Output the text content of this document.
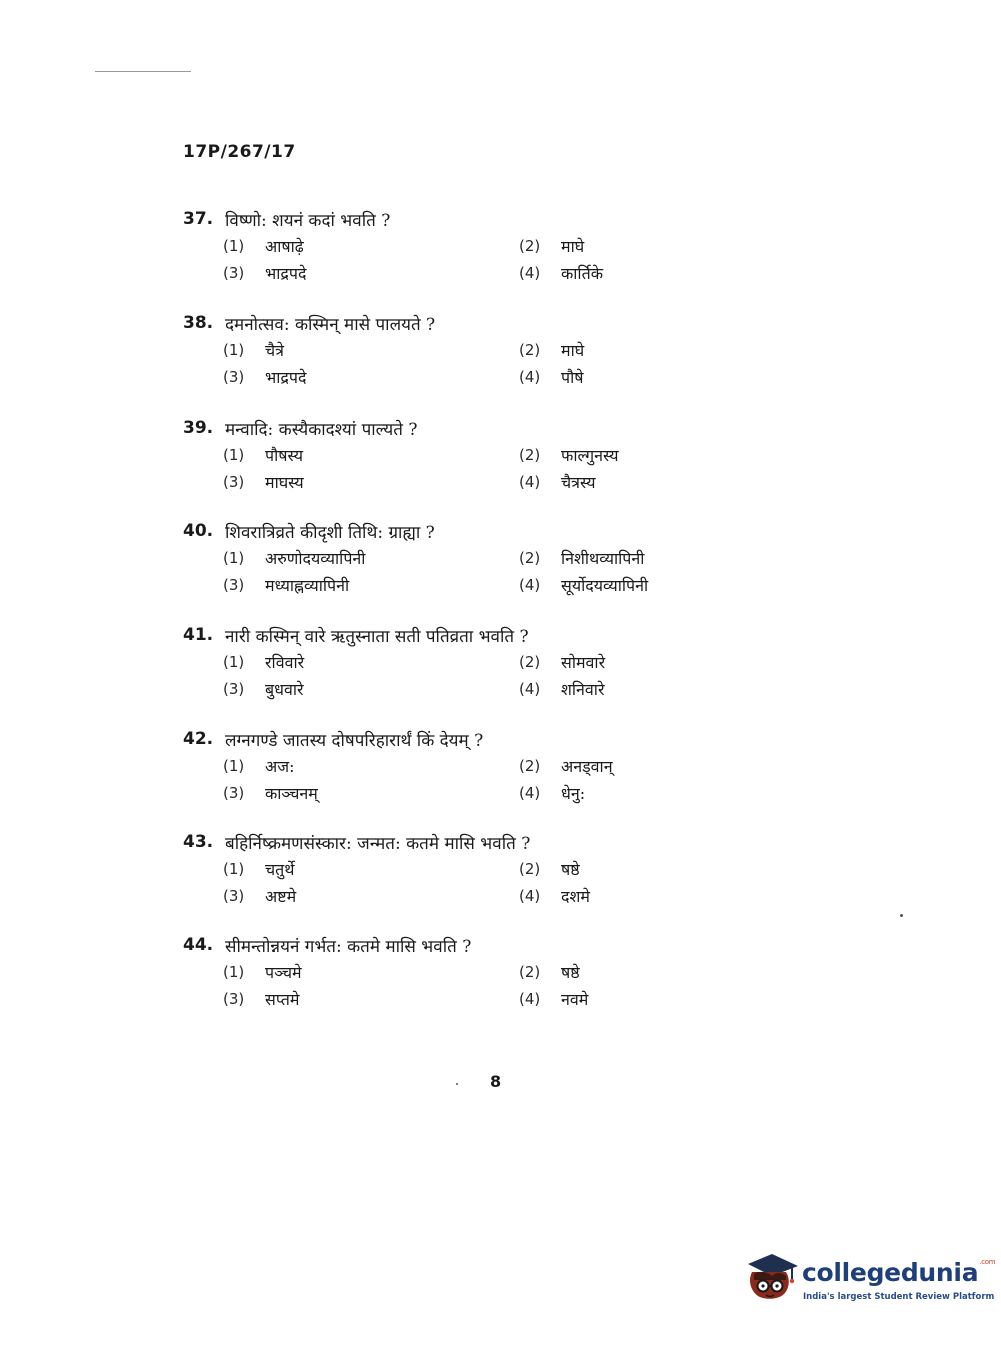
17P/267/17
37. विष्णो: शयनं कदां भवति ?
(1)	आषाढ़े	(2)	माघे
(3)	भाद्रपदे	(4)	कार्तिके
38. दमनोत्सव: कस्मिन् मासे पालयते ?
(1)	चैत्रे	(2)	माघे
(3)	भाद्रपदे	(4)	पौषे
39. मन्वादि: कस्यैकादश्यां पाल्यते ?
(1)	पौषस्य	(2)	फाल्गुनस्य
(3)	माघस्य	(4)	चैत्रस्य
40. शिवरात्रिव्रते कीदृशी तिथि: ग्राह्या ?
(1)	अरुणोदयव्यापिनी	(2)	निशीथव्यापिनी
(3)	मध्याह्नव्यापिनी	(4)	सूर्योदयव्यापिनी
41. नारी कस्मिन् वारे ऋतुस्नाता सती पतिव्रता भवति ?
(1)	रविवारे	(2)	सोमवारे
(3)	बुधवारे	(4)	शनिवारे
42. लग्नगण्डे जातस्य दोषपरिहारार्थं किं देयम् ?
(1)	अज:	(2)	अनड्वान्
(3)	काञ्चनम्	(4)	धेनु:
43. बहिर्निष्क्रमणसंस्कार: जन्मत: कतमे मासि भवति ?
(1)	चतुर्थे	(2)	षष्ठे
(3)	अष्टमे	(4)	दशमे
44. सीमन्तोन्नयनं गर्भत: कतमे मासि भवति ?
(1)	पञ्चमे	(2)	षष्ठे
(3)	सप्तमे	(4)	नवमे
8
collegedunia$^{.com}$
India's largest Student Review Platform
